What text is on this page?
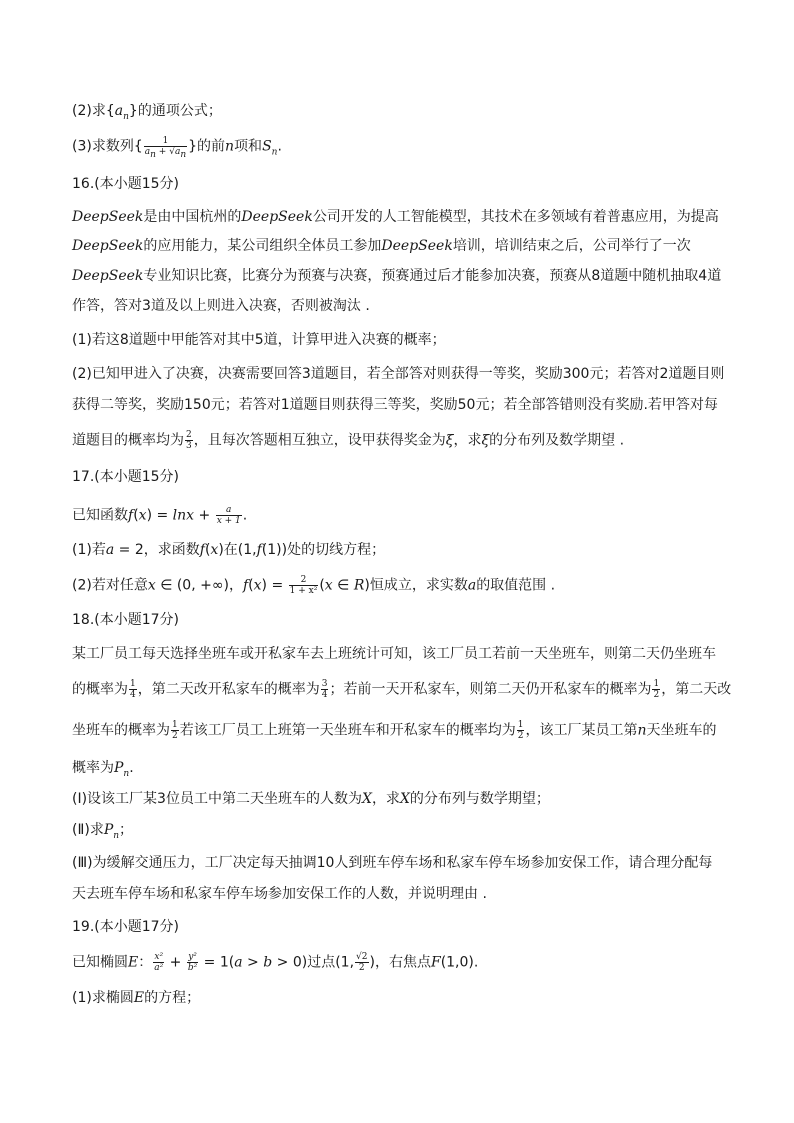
(2)求$\{a_n\}$的通项公式；
(3)求数列{ $\frac{1}{a_n + √a_n}$ }的前n项和$S_n$.
16.(本小题15分)
DeepSeek是由中国杭州的DeepSeek公司开发的人工智能模型，其技术在多领域有着普惠应用，为提高
DeepSeek的应用能力，某公司组织全体员工参加DeepSeek培训，培训结束之后，公司举行了一次
DeepSeek专业知识比赛，比赛分为预赛与决赛，预赛通过后才能参加决赛，预赛从8道题中随机抽取4道
作答，答对3道及以上则进入决赛，否则被淘汰 .
(1)若这8道题中甲能答对其中5道，计算甲进入决赛的概率；
(2)已知甲进入了决赛，决赛需要回答3道题目，若全部答对则获得一等奖，奖励300元；若答对2道题目则
获得二等奖，奖励150元；若答对1道题目则获得三等奖，奖励50元；若全部答错则没有奖励.若甲答对每
道题目的概率均为 $\frac{2}{3}$ ，且每次答题相互独立，设甲获得奖金为ξ，求ξ的分布列及数学期望 .
17.(本小题15分)
已知函数$f(x) = \ln x + \frac{a}{x + 1}$ .
(1)若a = 2，求函数f(x)在(1,f(1))处的切线方程；
(2)若对任意x ∈ (0, +∞)，$f(x) = \frac{2}{\text{1 + x²}} (x$ ∈ R)恒成立，求实数a的取值范围 .
18.(本小题17分)
某工厂员工每天选择坐班车或开私家车去上班统计可知，该工厂员工若前一天坐班车，则第二天仍坐班车
的概率为 $\frac{1}{4}$ ，第二天改开私家车的概率为 $\frac{3}{4}$ ；若前一天开私家车，则第二天仍开私家车的概率为 $\frac{1}{2}$ ，第二天改
坐班车的概率为 $\frac{1}{2}$ 若该工厂员工上班第一天坐班车和开私家车的概率均为 $\frac{1}{2}$ ，该工厂某员工第n天坐班车的
概率为$P_n$.
(Ⅰ)设该工厂某3位员工中第二天坐班车的人数为X，求X的分布列与数学期望；
(Ⅱ)求$P_n$；
(Ⅲ)为缓解交通压力，工厂决定每天抽调10人到班车停车场和私家车停车场参加安保工作，请合理分配每
天去班车停车场和私家车停车场参加安保工作的人数，并说明理由 .
19.(本小题17分)
已知椭圆E： $\frac{\text{x²}}{\text{a²}} + \frac{\text{y²}}{\text{b²}} = 1(a > b > 0)$过点(1, $\frac{√2}{2}$ )，右焦点F(1,0).
(1)求椭圆E的方程；
